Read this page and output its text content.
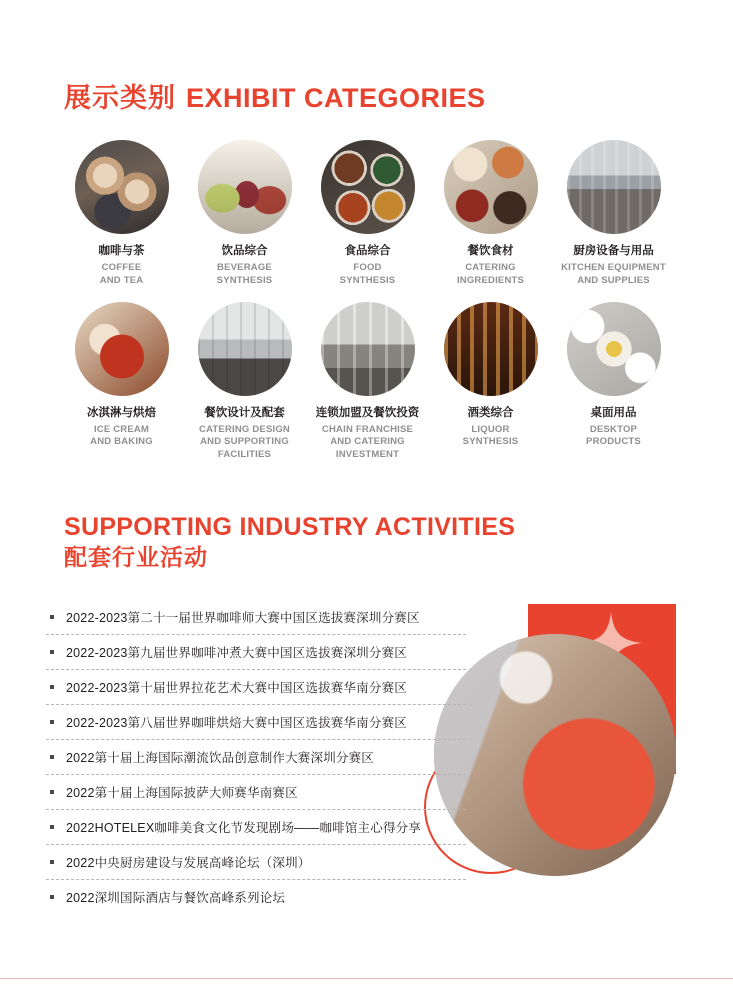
展示类别 EXHIBIT CATEGORIES
咖啡与茶
COFFEE
AND TEA
饮品综合
BEVERAGE
SYNTHESIS
食品综合
FOOD
SYNTHESIS
餐饮食材
CATERING
INGREDIENTS
厨房设备与用品
KITCHEN EQUIPMENT
AND SUPPLIES
冰淇淋与烘焙
ICE CREAM
AND BAKING
餐饮设计及配套
CATERING DESIGN
AND SUPPORTING
FACILITIES
连锁加盟及餐饮投资
CHAIN FRANCHISE
AND CATERING
INVESTMENT
酒类综合
LIQUOR
SYNTHESIS
桌面用品
DESKTOP
PRODUCTS
SUPPORTING INDUSTRY ACTIVITIES
配套行业活动
2022-2023第二十一届世界咖啡师大赛中国区选拔赛深圳分赛区
2022-2023第九届世界咖啡冲煮大赛中国区选拔赛深圳分赛区
2022-2023第十届世界拉花艺术大赛中国区选拔赛华南分赛区
2022-2023第八届世界咖啡烘焙大赛中国区选拔赛华南分赛区
2022第十届上海国际潮流饮品创意制作大赛深圳分赛区
2022第十届上海国际披萨大师赛华南赛区
2022HOTELEX咖啡美食文化节发现剧场——咖啡馆主心得分享
2022中央厨房建设与发展高峰论坛（深圳）
2022深圳国际酒店与餐饮高峰系列论坛
